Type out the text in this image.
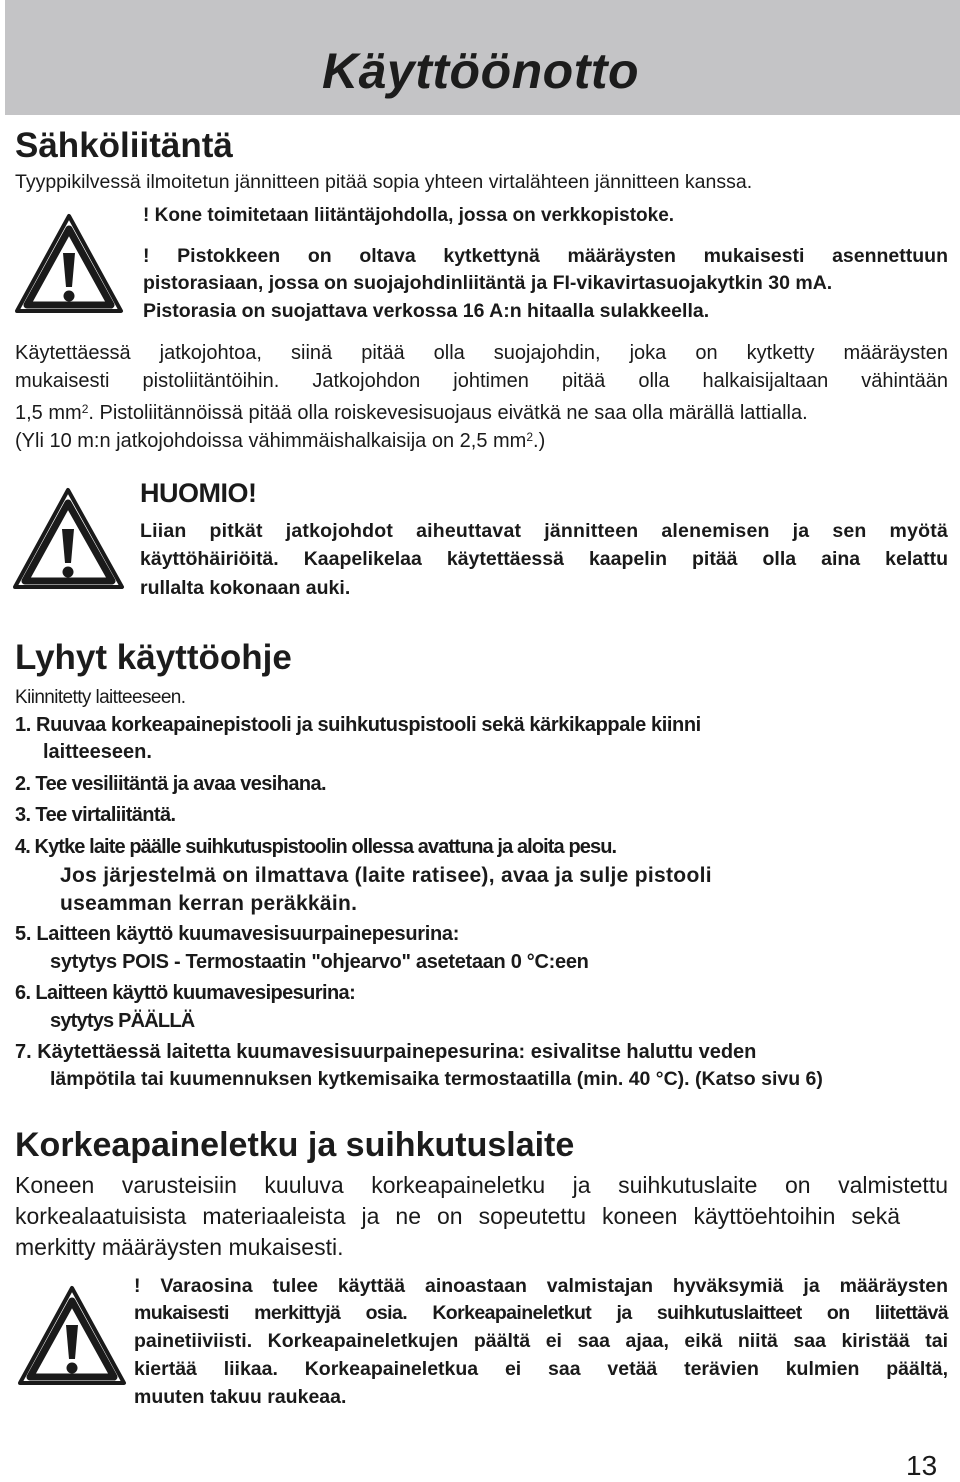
Käyttöönotto
Sähköliitäntä
Tyyppikilvessä ilmoitetun jännitteen pitää sopia yhteen virtalähteen jännitteen kanssa.
! Kone toimitetaan liitäntäjohdolla, jossa on verkkopistoke.
! Pistokkeen on oltava kytkettynä määräysten mukaisesti asennettuun
pistorasiaan, jossa on suojajohdinliitäntä ja FI-vikavirtasuojakytkin 30 mA.
Pistorasia on suojattava verkossa 16 A:n hitaalla sulakkeella.
Käytettäessä jatkojohtoa, siinä pitää olla suojajohdin, joka on kytketty määräysten
mukaisesti pistoliitäntöihin. Jatkojohdon johtimen pitää olla halkaisijaltaan vähintään
1,5 $mm^2$. Pistoliitännöissä pitää olla roiskevesisuojaus eivätkä ne saa olla märällä lattialla.
(Yli 10 m:n jatkojohdoissa vähimmäishalkaisija on 2,5 $mm^2$.)
HUOMIO!
Liian pitkät jatkojohdot aiheuttavat jännitteen alenemisen ja sen myötä
käyttöhäiriöitä. Kaapelikelaa käytettäessä kaapelin pitää olla aina kelattu
rullalta kokonaan auki.
Lyhyt käyttöohje
Kiinnitetty laitteeseen.
1. Ruuvaa korkeapainepistooli ja suihkutuspistooli sekä kärkikappale kiinni
laitteeseen.
2. Tee vesiliitäntä ja avaa vesihana.
3. Tee virtaliitäntä.
4. Kytke laite päälle suihkutuspistoolin ollessa avattuna ja aloita pesu.
Jos järjestelmä on ilmattava (laite ratisee), avaa ja sulje pistooli
useamman kerran peräkkäin.
5. Laitteen käyttö kuumavesisuurpainepesurina:
sytytys POIS - Termostaatin "ohjearvo" asetetaan 0 °C:een
6. Laitteen käyttö kuumavesipesurina:
sytytys PÄÄLLÄ
7. Käytettäessä laitetta kuumavesisuurpainepesurina: esivalitse haluttu veden
lämpötila tai kuumennuksen kytkemisaika termostaatilla (min. 40 °C). (Katso sivu 6)
Korkeapaineletku ja suihkutuslaite
Koneen varusteisiin kuuluva korkeapaineletku ja suihkutuslaite on valmistettu
korkealaatuisista materiaaleista ja ne on sopeutettu koneen käyttöehtoihin sekä
merkitty määräysten mukaisesti.
! Varaosina tulee käyttää ainoastaan valmistajan hyväksymiä ja määräysten
mukaisesti merkittyjä osia. Korkeapaineletkut ja suihkutuslaitteet on liitettävä
painetiiviisti. Korkeapaineletkujen päältä ei saa ajaa, eikä niitä saa kiristää tai
kiertää liikaa. Korkeapaineletkua ei saa vetää terävien kulmien päältä,
muuten takuu raukeaa.
13
